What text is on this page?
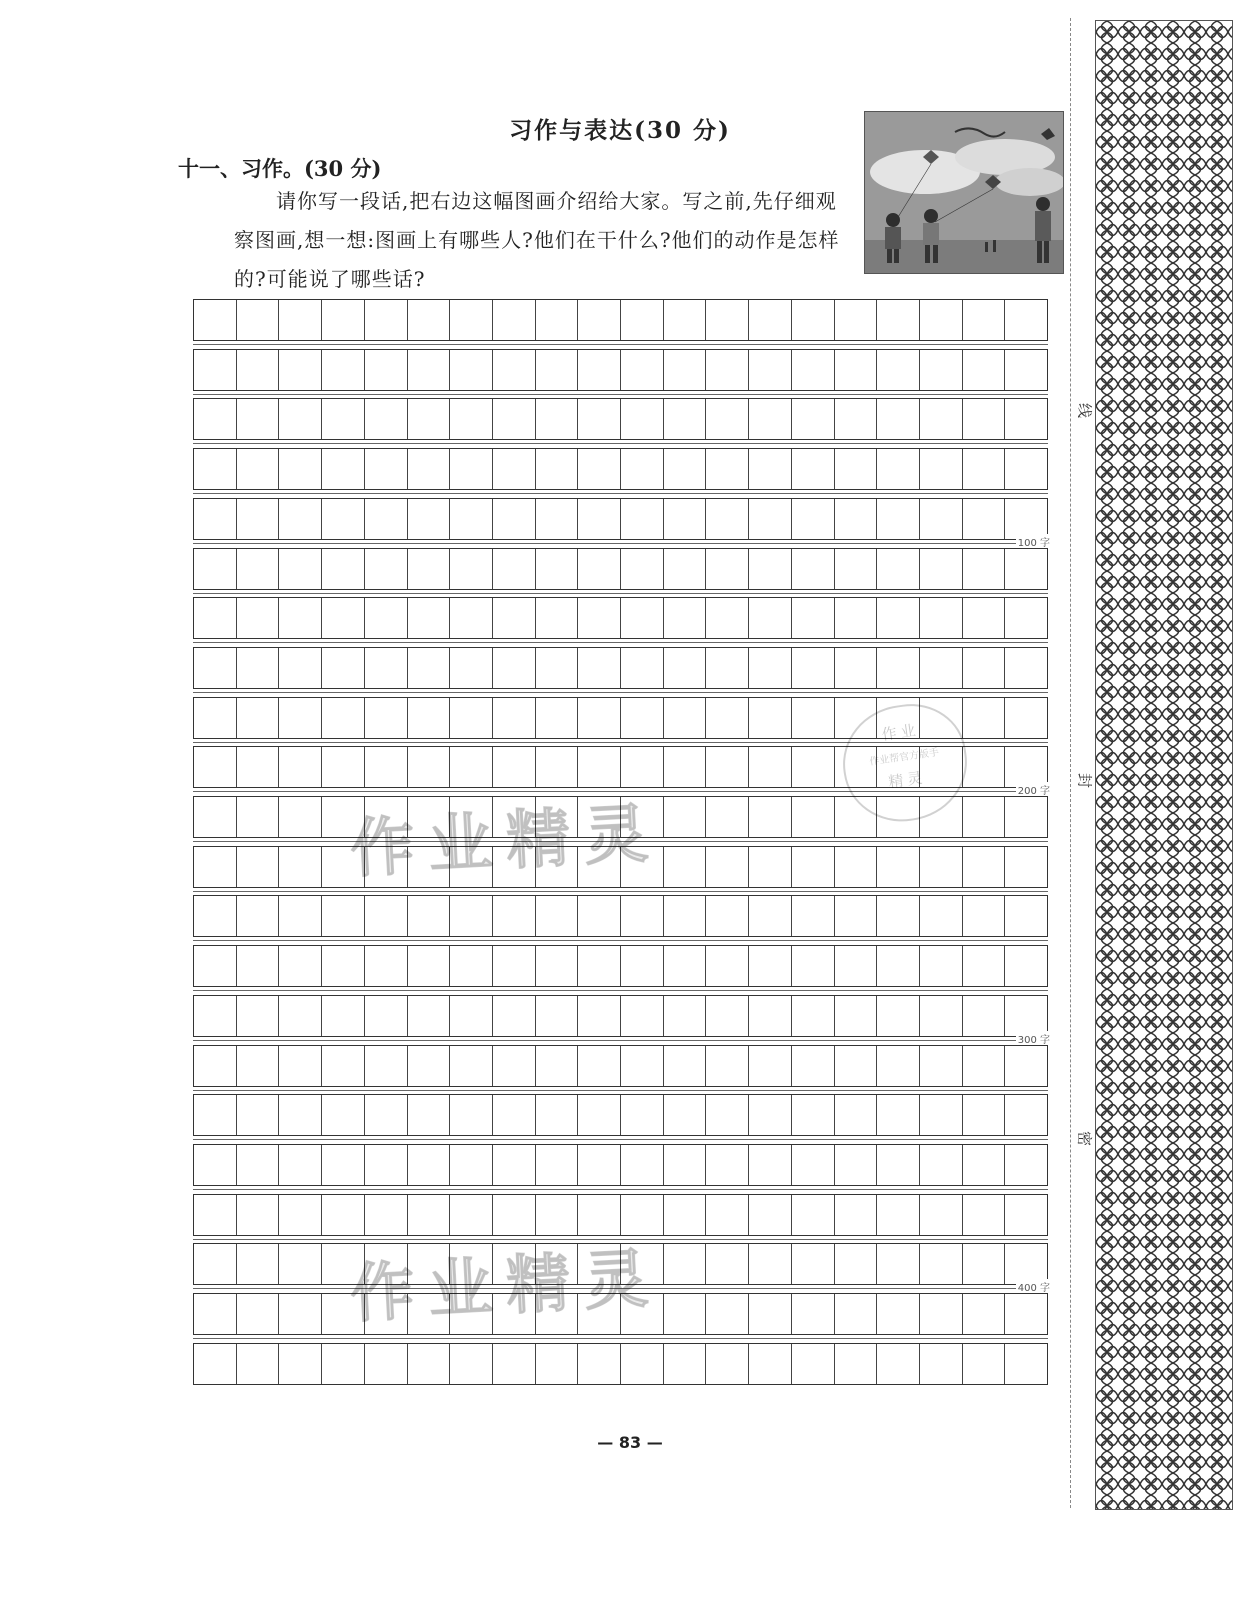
习作与表达(30 分)
十一、习作。(30 分)
请你写一段话,把右边这幅图画介绍给大家。写之前,先仔细观察图画,想一想:图画上有哪些人?他们在干什么?他们的动作是怎样的?可能说了哪些话?
100 字
200 字
300 字
400 字
作业精灵
作业精灵
作业
作业帮官方版手
精灵
— 83 —
线
封
密
